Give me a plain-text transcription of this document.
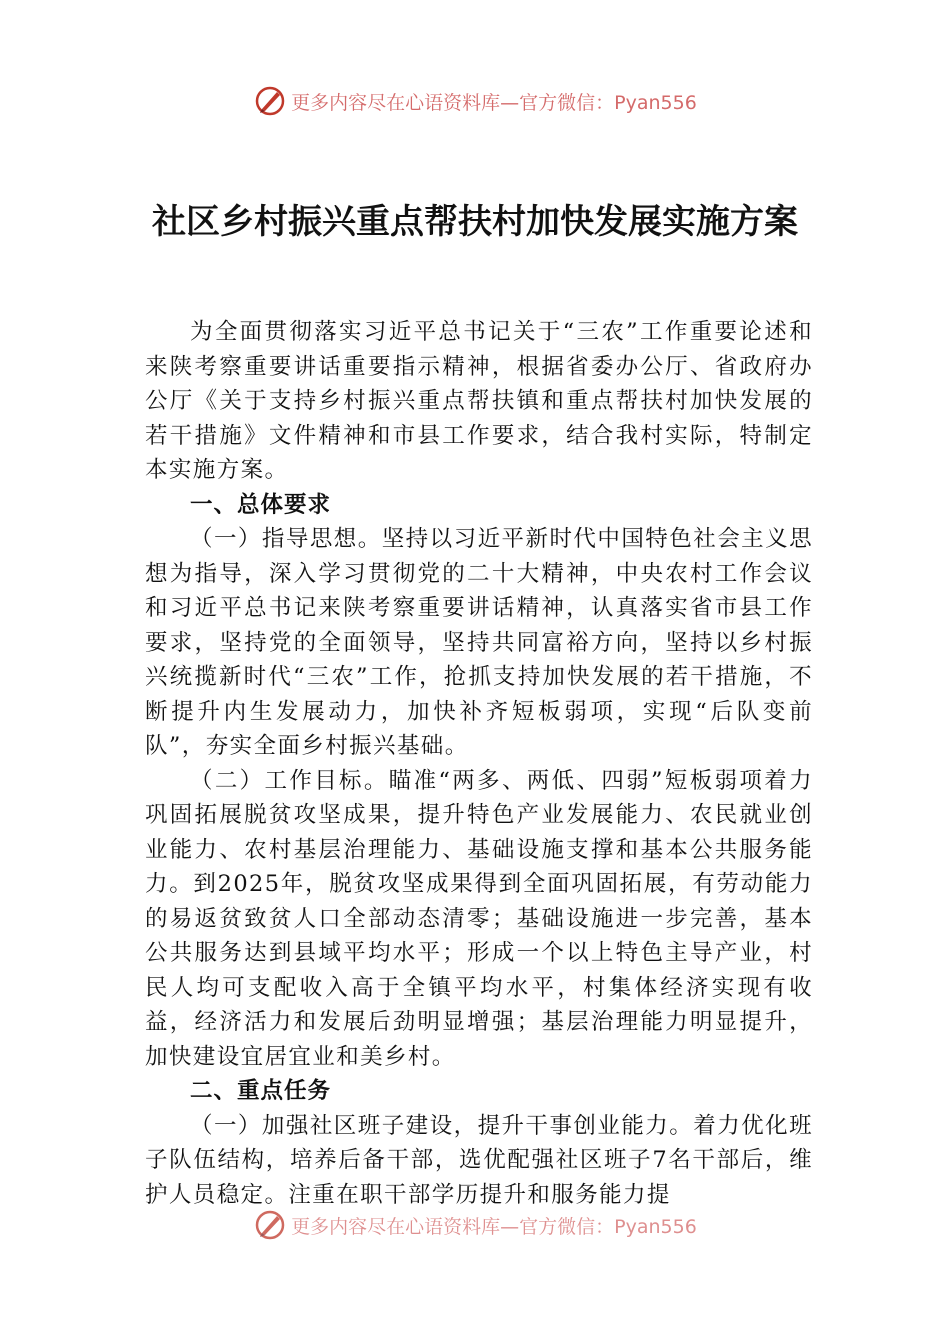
更多内容尽在心语资料库—官方微信：Pyan556
社区乡村振兴重点帮扶村加快发展实施方案

为全面贯彻落实习近平总书记关于“三农”工作重要论述和来陕考察重要讲话重要指示精神，根据省委办公厅、省政府办公厅《关于支持乡村振兴重点帮扶镇和重点帮扶村加快发展的若干措施》文件精神和市县工作要求，结合我村实际，特制定本实施方案。

一、总体要求

（一）指导思想。坚持以习近平新时代中国特色社会主义思想为指导，深入学习贯彻党的二十大精神，中央农村工作会议和习近平总书记来陕考察重要讲话精神，认真落实省市县工作要求，坚持党的全面领导，坚持共同富裕方向，坚持以乡村振兴统揽新时代“三农”工作，抢抓支持加快发展的若干措施，不断提升内生发展动力，加快补齐短板弱项，实现“后队变前队”，夯实全面乡村振兴基础。

（二）工作目标。瞄准“两多、两低、四弱”短板弱项着力巩固拓展脱贫攻坚成果，提升特色产业发展能力、农民就业创业能力、农村基层治理能力、基础设施支撑和基本公共服务能力。到2025年，脱贫攻坚成果得到全面巩固拓展，有劳动能力的易返贫致贫人口全部动态清零；基础设施进一步完善，基本公共服务达到县域平均水平；形成一个以上特色主导产业，村民人均可支配收入高于全镇平均水平，村集体经济实现有收益，经济活力和发展后劲明显增强；基层治理能力明显提升，加快建设宜居宜业和美乡村。

二、重点任务

（一）加强社区班子建设，提升干事创业能力。着力优化班子队伍结构，培养后备干部，选优配强社区班子7名干部后，维护人员稳定。注重在职干部学历提升和服务能力提

更多内容尽在心语资料库—官方微信：Pyan556
